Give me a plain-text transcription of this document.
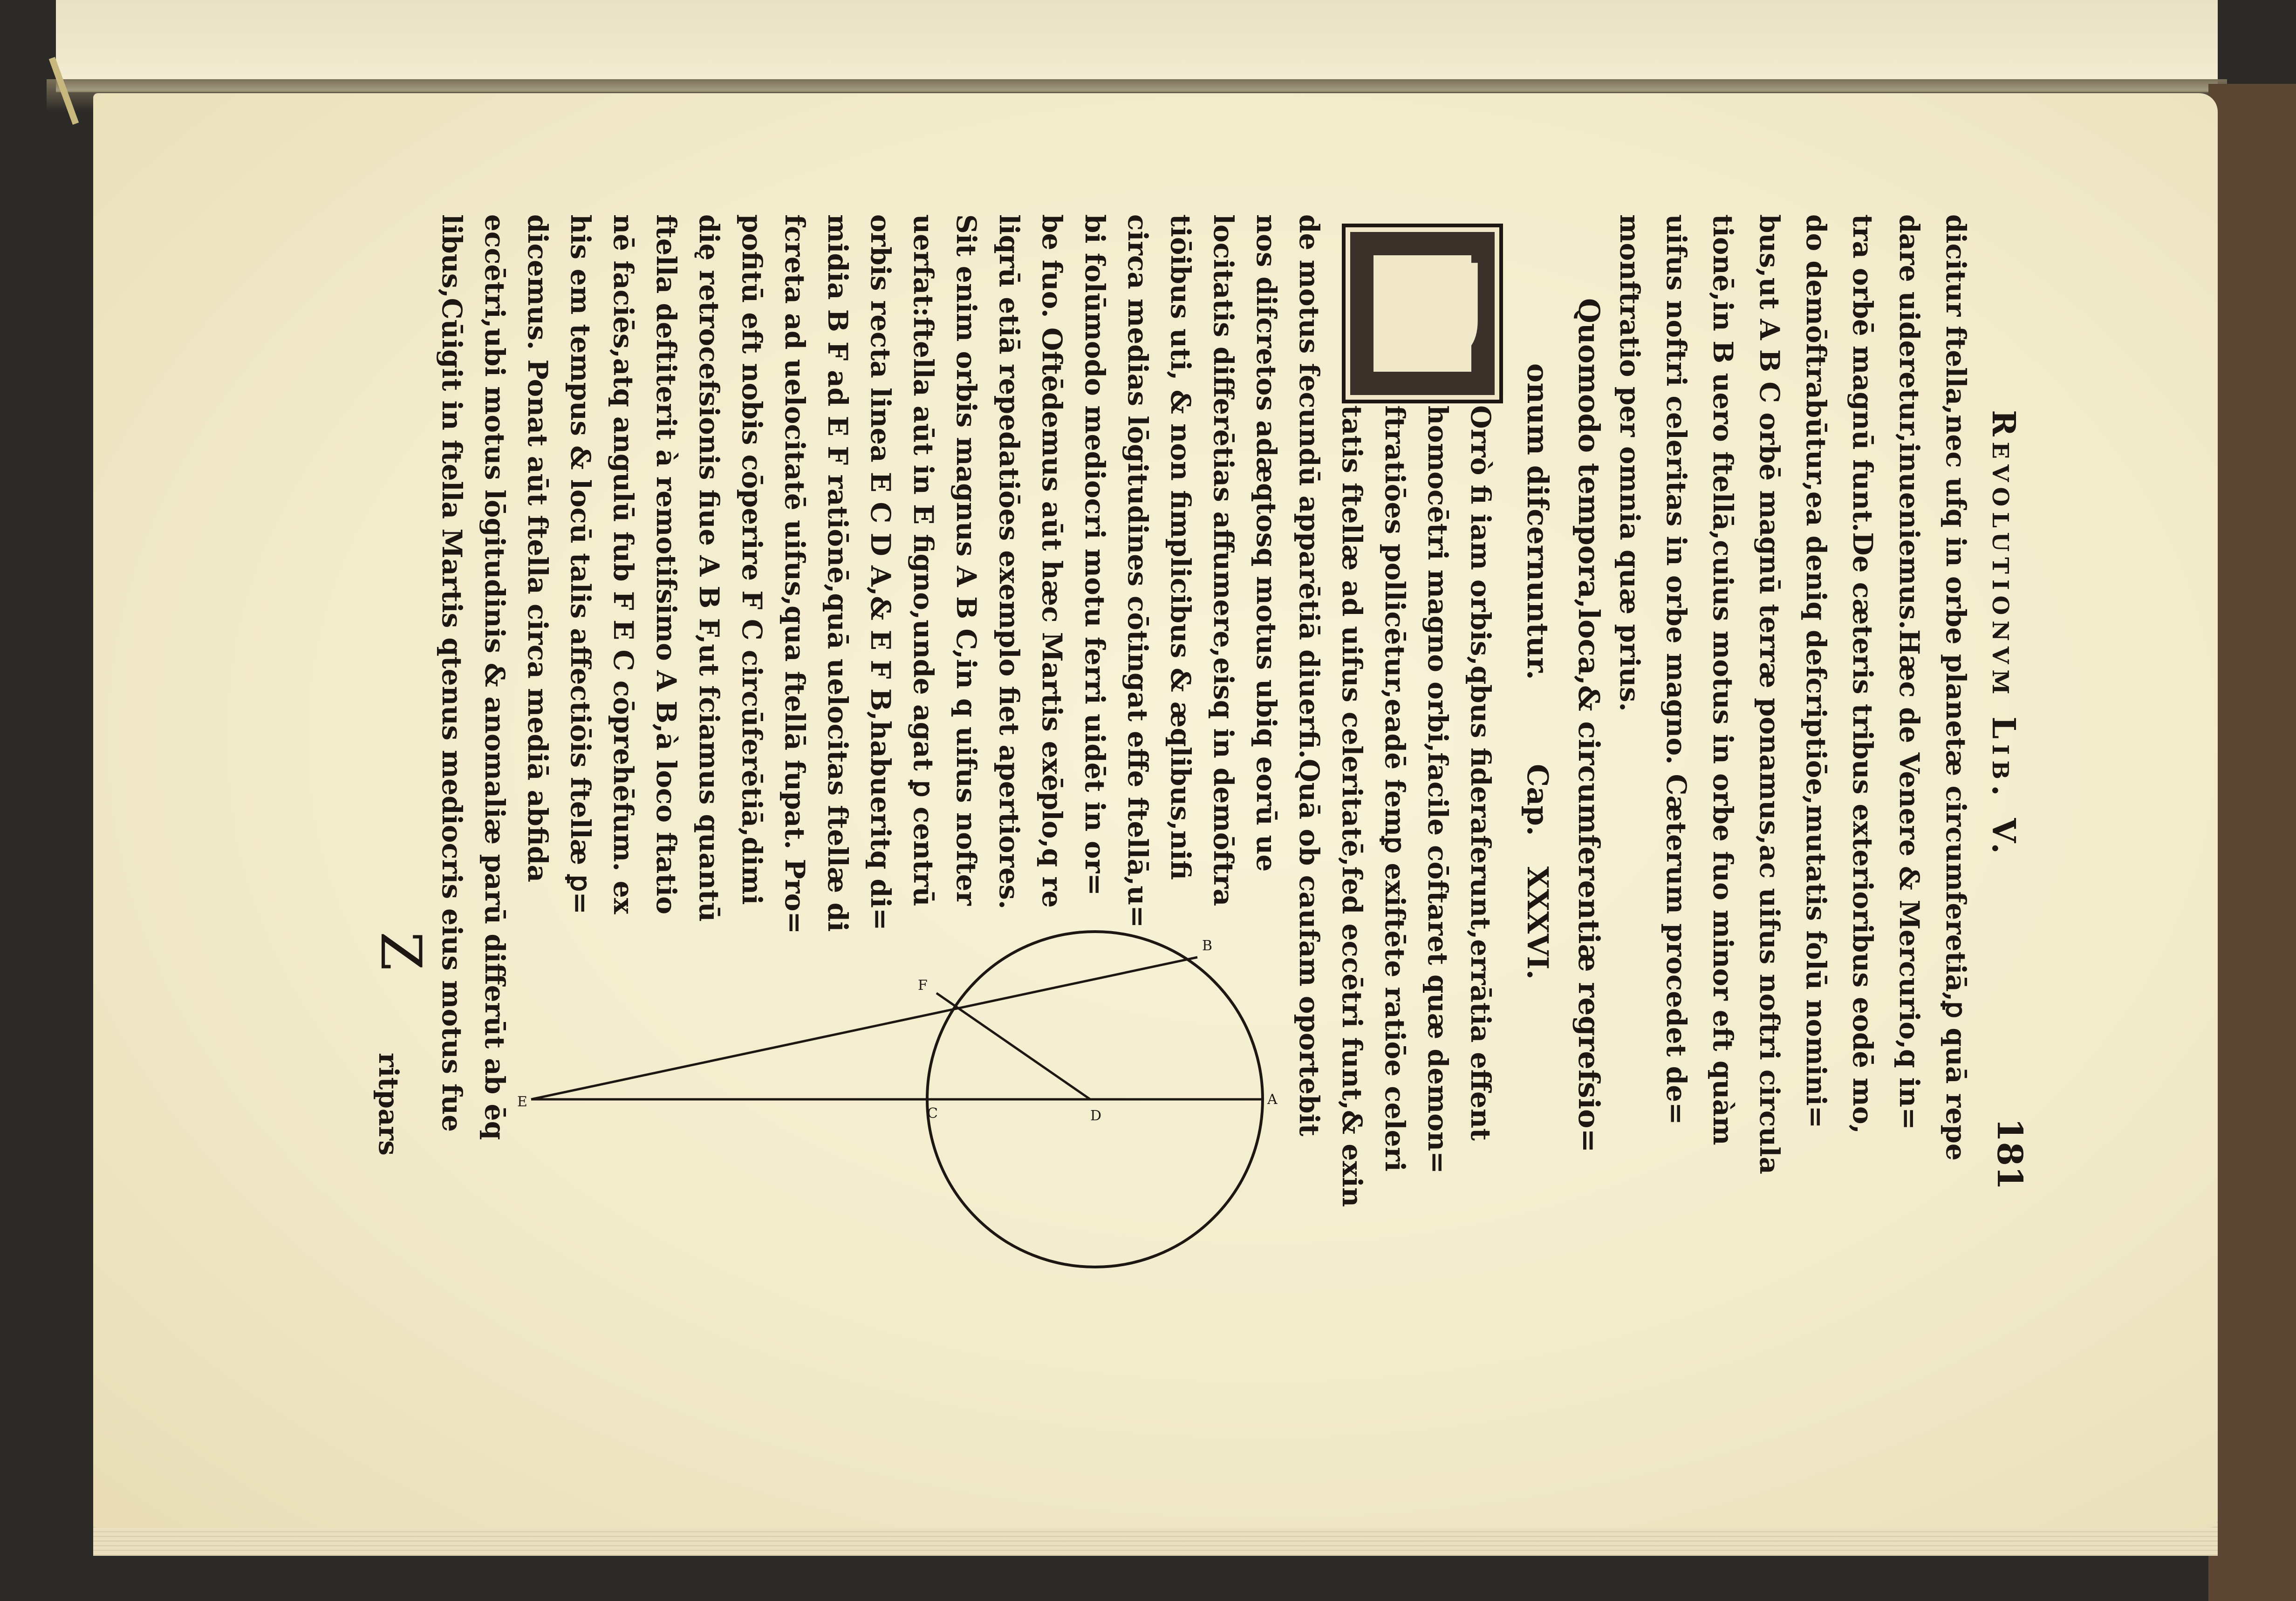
Revolutionvm Lib. V.
181
dicitur ftella,nec ufq in orbe planetæ circumferetiā,ꝑ quā repe
dare uideretur,inueniemus.Hæc de Venere & Mercurio,q in=
tra orbē magnū funt.De cæteris tribus exterioribus eodē mo,
do demōftrabūtur,ea deniq defcriptiōe,mutatis folū nomini=
bus,ut A B C orbē magnū terræ ponamus,ac uifus noftri circula
tionē,in B uero ftellā,cuius motus in orbe fuo minor eft quàm
uifus noftri celeritas in orbe magno. Cæterum procedet de=
monftratio per omnia quæ prius.
Quomodo tempora,loca,& circumferentiæ regrefsio=
onum difcernuntur.
Cap.
XXXVI.
P
Orrò fi iam orbis,qbus fideraferunt,errātia effent
homocētri magno orbi,facile cōftaret quæ demon=
ftratiōes pollicētur,eadē femꝑ exiftēte ratiōe celeri
tatis ftellæ ad uifus celeritatē,fed eccētri funt,& exin
de motus fecundū apparētiā diuerfi.Quā ob caufam oportebit
nos difcretos adæqtosq motus ubiq eorū ue
locitatis differētias affumere,eisq in demōftra
tiōibus uti, & non fimplicibus & æqlibus,nifi
circa medias lōgitudines cōtingat effe ftellā,u=
bi folūmodo mediocri motu ferri uidēt in or=
be fuo. Oftēdemus aūt hæc Martis exēplo,q re
liqrū etiā repedatiōes exemplo fiet apertiores.
Sit enim orbis magnus A B C,in q uifus nofter
uerfat:ftella aūt in E figno,unde agat ꝑ centrū
orbis recta linea E C D A,& E F B,habueritq di=
midia B F ad E F ratiōnē,quā uelocitas ftellæ di
fcreta ad uelocitatē uifus,qua ftellā fupat. Pro=
pofitū eft nobis cōperire F C circūferētiā,dimi
dię retrocefsionis fiue A B F,ut fciamus quantū
ftella deftiterit à remotifsimo A B,à loco ftatio
nē faciēs,atq angulū fub F E C cōprehēfum. ex
his em tempus & locū talis affectiōis ftellæ ꝑ=
dicemus. Ponat aūt ftella circa mediā abfida
eccētri,ubi motus lōgitudinis & anomaliæ parū differūt ab ēq
libus,Cūigit in ftella Martis qtenus mediocris eius motus fue	A
B
C	D
E
F
Z
ritpars
